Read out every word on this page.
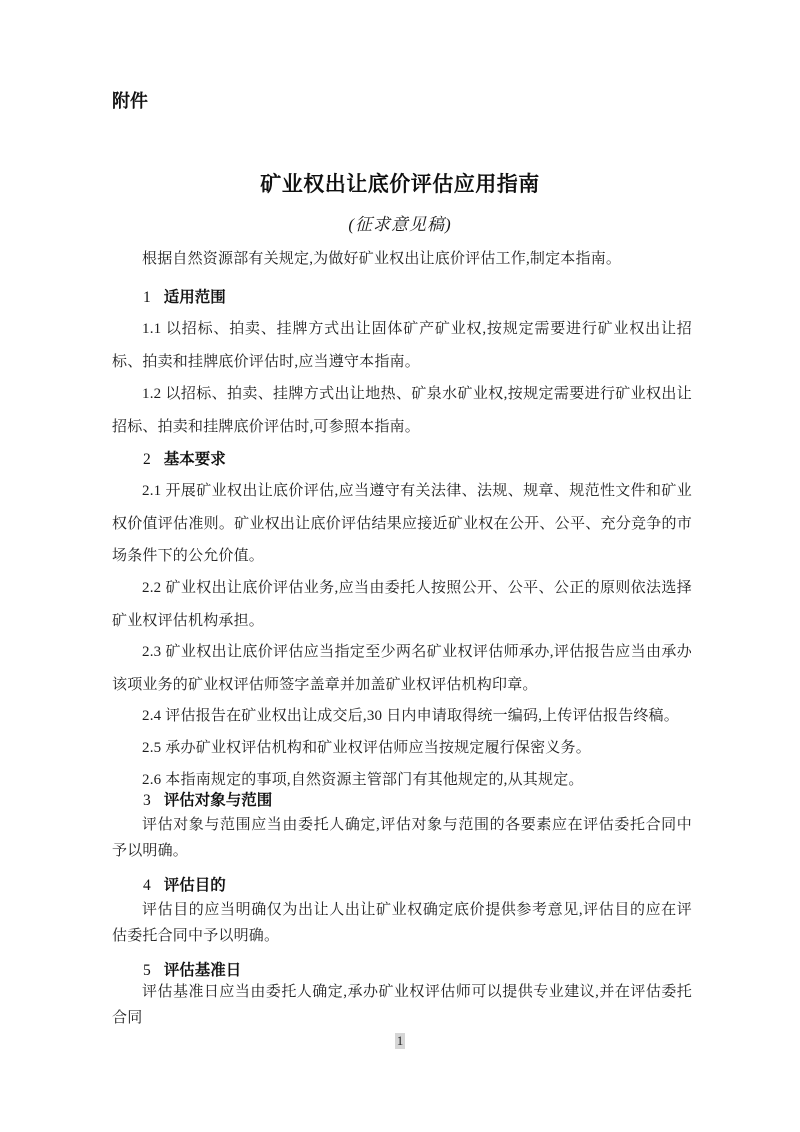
附件
矿业权出让底价评估应用指南
(征求意见稿)

根据自然资源部有关规定,为做好矿业权出让底价评估工作,制定本指南。

1 适用范围

1.1 以招标、拍卖、挂牌方式出让固体矿产矿业权,按规定需要进行矿业权出让招标、拍卖和挂牌底价评估时,应当遵守本指南。

1.2 以招标、拍卖、挂牌方式出让地热、矿泉水矿业权,按规定需要进行矿业权出让招标、拍卖和挂牌底价评估时,可参照本指南。

2 基本要求

2.1 开展矿业权出让底价评估,应当遵守有关法律、法规、规章、规范性文件和矿业权价值评估准则。矿业权出让底价评估结果应接近矿业权在公开、公平、充分竞争的市场条件下的公允价值。

2.2 矿业权出让底价评估业务,应当由委托人按照公开、公平、公正的原则依法选择矿业权评估机构承担。

2.3 矿业权出让底价评估应当指定至少两名矿业权评估师承办,评估报告应当由承办该项业务的矿业权评估师签字盖章并加盖矿业权评估机构印章。

2.4 评估报告在矿业权出让成交后,30 日内申请取得统一编码,上传评估报告终稿。

2.5 承办矿业权评估机构和矿业权评估师应当按规定履行保密义务。

2.6 本指南规定的事项,自然资源主管部门有其他规定的,从其规定。

3 评估对象与范围

评估对象与范围应当由委托人确定,评估对象与范围的各要素应在评估委托合同中予以明确。

4 评估目的

评估目的应当明确仅为出让人出让矿业权确定底价提供参考意见,评估目的应在评估委托合同中予以明确。

5 评估基准日

评估基准日应当由委托人确定,承办矿业权评估师可以提供专业建议,并在评估委托合同

1
